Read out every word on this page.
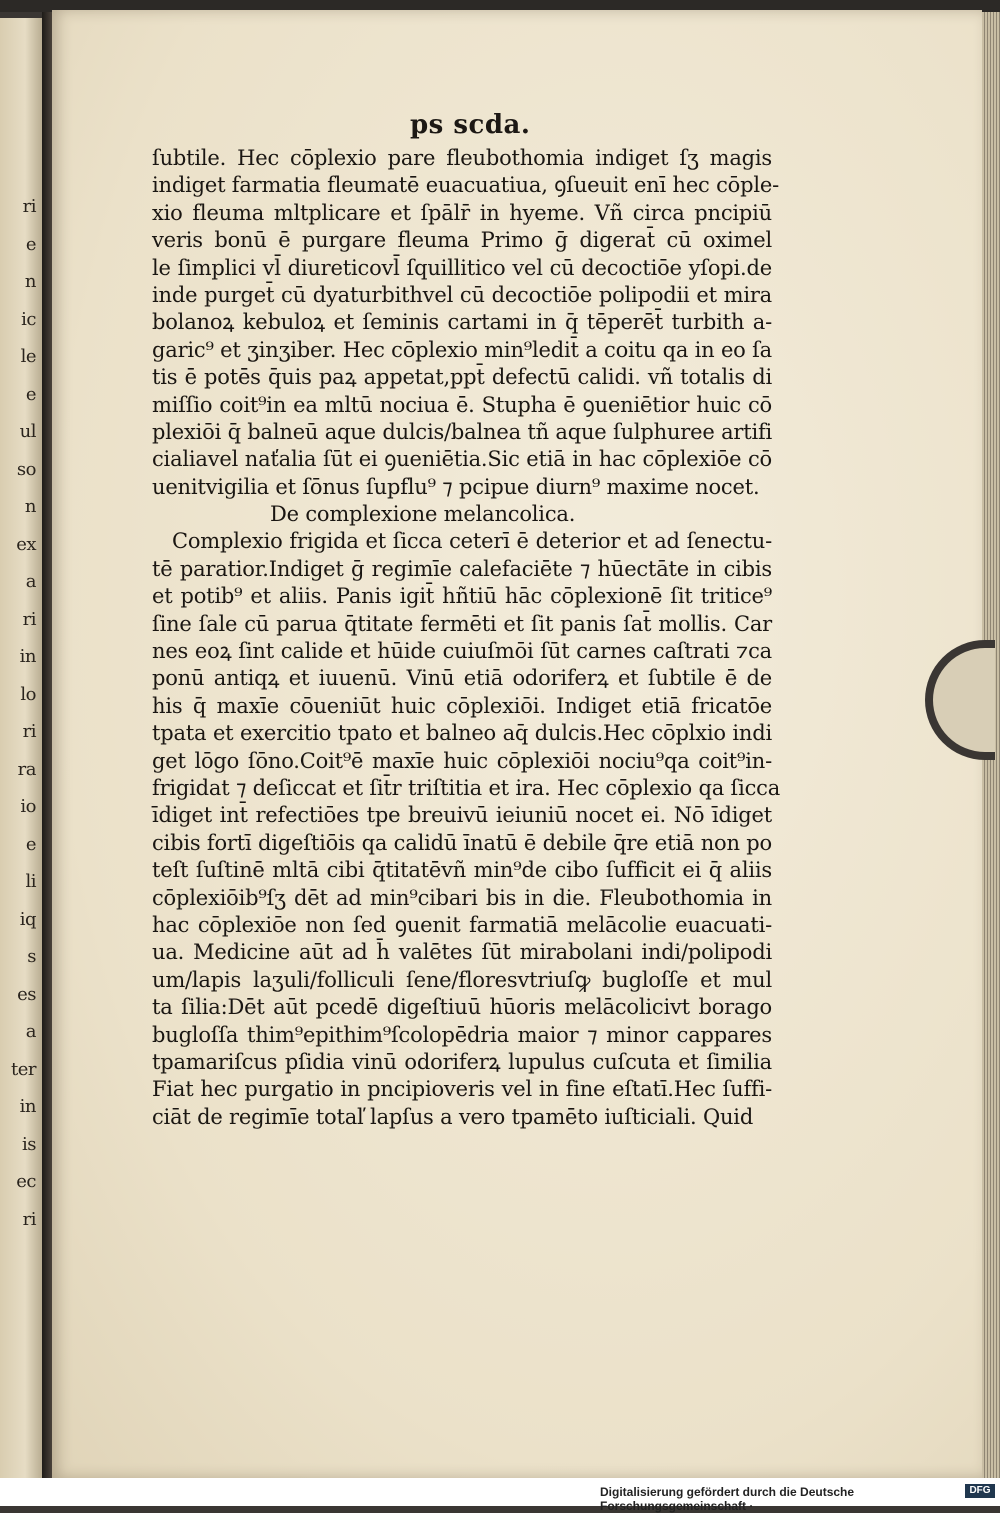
ri
e
n
ic
le
e
ul
so
n
ex
a
ri
in
lo
ri
ra
io
e
li
iq
s
es
a
ter
in
is
ec
ri
ps scda.
ſubtile. Hec cōplexio pare fleubothomia indiget ſʒ magis
indiget farmatia fleumatē euacuatiua, ꝯſueuit enī hec cōple-
xio fleuma mltplicare et ſpālr̄ in hyeme. Vñ circa pncipiū
veris bonū ē purgare fleuma Primo ḡ digerat̄ cū oximel
le ſimplici vl̄ diureticovl̄ ſquillitico vel cū decoctiōe yſopi.de
inde purget̄ cū dyaturbithvel cū decoctiōe polipodii et mira
bolanoꝝ kebuloꝝ et ſeminis cartami in q̄ tēperēt̄ turbith a-
garic⁹ et ʒinʒiber. Hec cōplexio min⁹ledit̄ a coitu qa in eo ſa
tis ē potēs q̄uis paꝝ appetat,ppt̄ defectū calidi. vñ totalis di
miſſio coit⁹in ea mltū nociua ē. Stupha ē ꝯueniētior huic cō
plexiōi q̄ balneū aque dulcis/balnea tñ aque ſulphuree artifi
cialiavel naťalia ſūt ei ꝯueniētia.Sic etiā in hac cōplexiōe cō
uenitvigilia et ſōnus ſupflu⁹ ⁊ pcipue diurn⁹ maxime nocet.
De complexione melancolica.
Complexio frigida et ſicca ceterī ē deterior et ad ſenectu-
tē paratior.Indiget ḡ regimīe calefaciēte ⁊ hūectāte in cibis
et potib⁹ et aliis. Panis igit̄ hñtiū hāc cōplexionē ſit tritice⁹
ſine ſale cū parua q̄titate fermēti et ſit panis ſat̄ mollis. Car
nes eoꝝ ſint calide et hūide cuiuſmōi ſūt carnes caſtrati ⁊ca
ponū antiqꝝ et iuuenū. Vinū etiā odoriferꝝ et ſubtile ē de
his q̄ maxīe cōueniūt huic cōplexiōi. Indiget etiā fricatōe
tpata et exercitio tpato et balneo aq̄ dulcis.Hec cōplxio indi
get lōgo ſōno.Coit⁹ē maxīe huic cōplexiōi nociu⁹qa coit⁹in-
frigidat ⁊ deſiccat et ſit̄r triſtitia et ira. Hec cōplexio qa ſicca
īdiget int̄ refectiōes tpe breuivū ieiuniū nocet ei. Nō īdiget
cibis fortī digeſtiōis qa calidū īnatū ē debile q̄re etiā non po
teſt ſuſtinē mltā cibi q̄titatēvñ min⁹de cibo ſufficit ei q̄ aliis
cōplexiōib⁹ſʒ dēt ad min⁹cibari bis in die. Fleubothomia in
hac cōplexiōe non ſed ꝯuenit farmatiā melācolie euacuati-
ua. Medicine aūt ad h̄ valētes ſūt mirabolani indi/polipodi
um/lapis laʒuli/folliculi ſene/floresvtriuſꝙ bugloſſe et mul
ta ſilia:Dēt aūt pcedē digeſtiuū hūoris melācolicivt borago
bugloſſa thim⁹epithim⁹ſcolopēdria maior ⁊ minor cappares
tpamariſcus pſidia vinū odoriferꝝ lupulus cuſcuta et ſimilia
Fiat hec purgatio in pncipioveris vel in fine eſtatī.Hec ſuffi-
ciāt de regimīe totaľ lapſus a vero tpamēto iuſticiali. Quid
Digitalisierung gefördert durch die Deutsche Forschungsgemeinschaft ·
DFG
